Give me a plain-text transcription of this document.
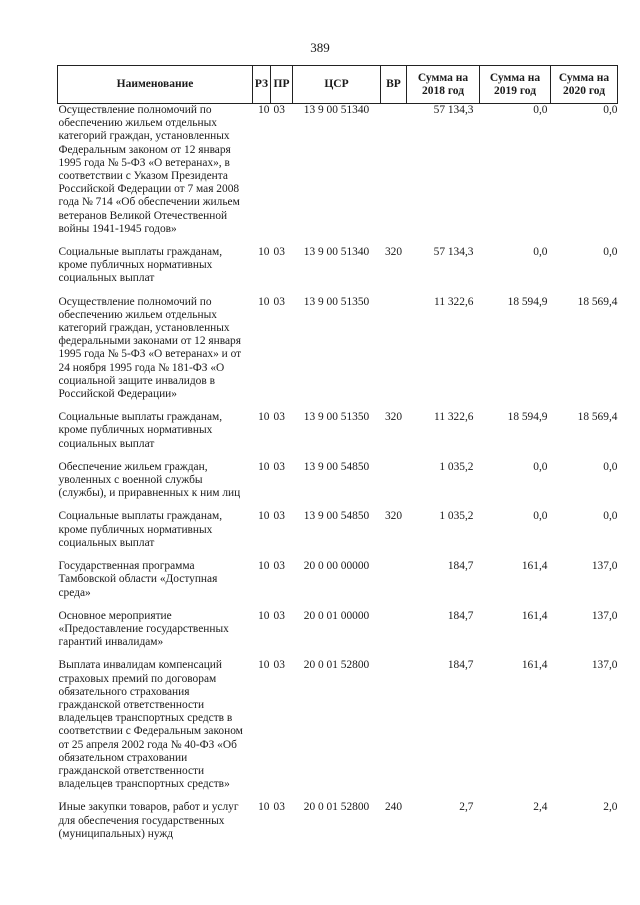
389
Наименование	РЗ	ПР	ЦСР	ВР	Сумма на 2018 год	Сумма на 2019 год	Сумма на 2020 год
Осуществление полномочий по обеспечению жильем отдельных категорий граждан, установленных Федеральным законом от 12 января 1995 года № 5-ФЗ «О ветеранах», в соответствии с Указом Президента Российской Федерации от 7 мая 2008 года № 714 «Об обеспечении жильем ветеранов Великой Отечественной войны 1941-1945 годов»	10	03	13 9 00 51340		57 134,3	0,0	0,0
Социальные выплаты гражданам, кроме публичных нормативных социальных выплат	10	03	13 9 00 51340	320	57 134,3	0,0	0,0
Осуществление полномочий по обеспечению жильем отдельных категорий граждан, установленных федеральными законами от 12 января 1995 года № 5-ФЗ «О ветеранах» и от 24 ноября 1995 года № 181-ФЗ «О социальной защите инвалидов в Российской Федерации»	10	03	13 9 00 51350		11 322,6	18 594,9	18 569,4
Социальные выплаты гражданам, кроме публичных нормативных социальных выплат	10	03	13 9 00 51350	320	11 322,6	18 594,9	18 569,4
Обеспечение жильем граждан, уволенных с военной службы (службы), и приравненных к ним лиц	10	03	13 9 00 54850		1 035,2	0,0	0,0
Социальные выплаты гражданам, кроме публичных нормативных социальных выплат	10	03	13 9 00 54850	320	1 035,2	0,0	0,0
Государственная программа Тамбовской области «Доступная среда»	10	03	20 0 00 00000		184,7	161,4	137,0
Основное мероприятие «Предоставление государственных гарантий инвалидам»	10	03	20 0 01 00000		184,7	161,4	137,0
Выплата инвалидам компенсаций страховых премий по договорам обязательного страхования гражданской ответственности владельцев транспортных средств в соответствии с Федеральным законом от 25 апреля 2002 года № 40-ФЗ «Об обязательном страховании гражданской ответственности владельцев транспортных средств»	10	03	20 0 01 52800		184,7	161,4	137,0
Иные закупки товаров, работ и услуг для обеспечения государственных (муниципальных) нужд	10	03	20 0 01 52800	240	2,7	2,4	2,0
